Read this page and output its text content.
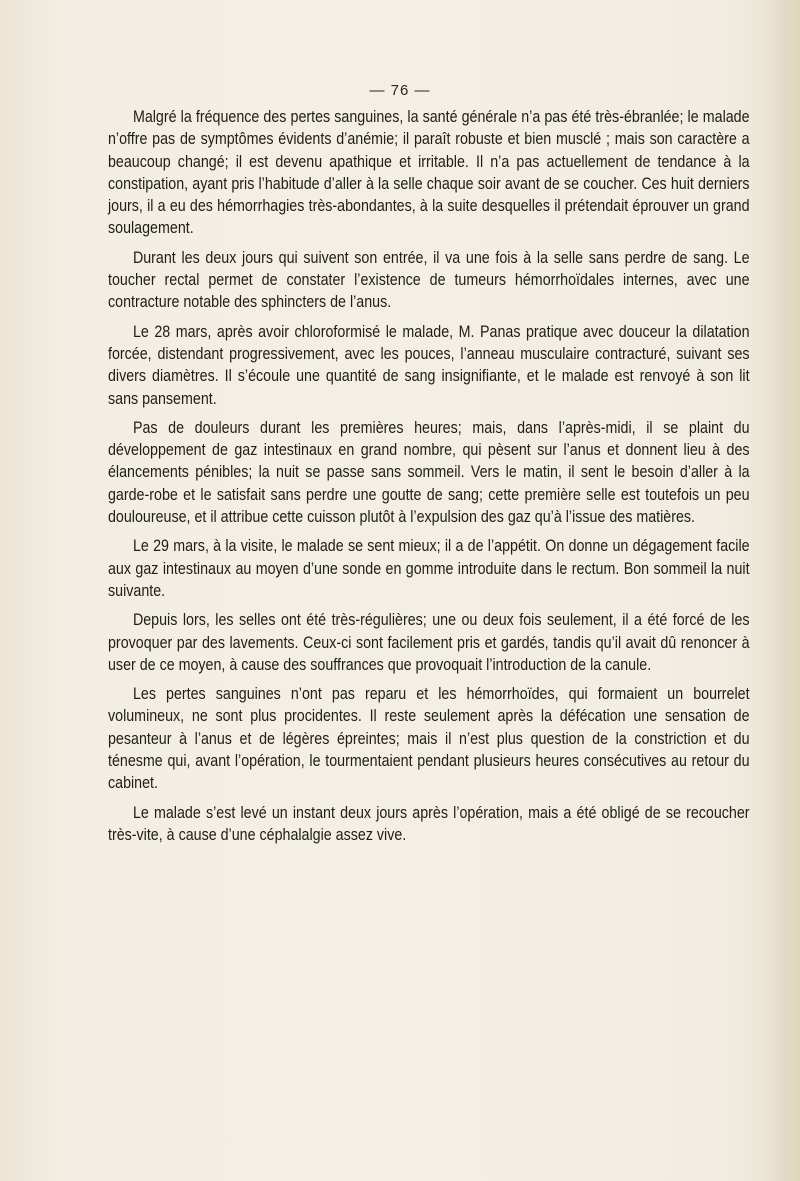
— 76 —

Malgré la fréquence des pertes sanguines, la santé générale n’a pas été très-ébranlée; le malade n’offre pas de symptômes évidents d’anémie; il paraît robuste et bien musclé ; mais son caractère a beaucoup changé; il est devenu apathique et irritable. Il n’a pas actuellement de tendance à la constipation, ayant pris l’habitude d’aller à la selle chaque soir avant de se coucher. Ces huit derniers jours, il a eu des hémorrhagies très-abondantes, à la suite desquelles il prétendait éprouver un grand soulagement.

Durant les deux jours qui suivent son entrée, il va une fois à la selle sans perdre de sang. Le toucher rectal permet de constater l’existence de tumeurs hémorrhoïdales internes, avec une contracture notable des sphincters de l’anus.

Le 28 mars, après avoir chloroformisé le malade, M. Panas pratique avec douceur la dilatation forcée, distendant progressivement, avec les pouces, l’anneau musculaire contracturé, suivant ses divers diamètres. Il s’écoule une quantité de sang insignifiante, et le malade est renvoyé à son lit sans pansement.

Pas de douleurs durant les premières heures; mais, dans l’après-midi, il se plaint du développement de gaz intestinaux en grand nombre, qui pèsent sur l’anus et donnent lieu à des élancements pénibles; la nuit se passe sans sommeil. Vers le matin, il sent le besoin d’aller à la garde-robe et le satisfait sans perdre une goutte de sang; cette première selle est toutefois un peu douloureuse, et il attribue cette cuisson plutôt à l’expulsion des gaz qu’à l’issue des matières.

Le 29 mars, à la visite, le malade se sent mieux; il a de l’appétit. On donne un dégagement facile aux gaz intestinaux au moyen d’une sonde en gomme introduite dans le rectum. Bon sommeil la nuit suivante.

Depuis lors, les selles ont été très-régulières; une ou deux fois seulement, il a été forcé de les provoquer par des lavements. Ceux-ci sont facilement pris et gardés, tandis qu’il avait dû renoncer à user de ce moyen, à cause des souffrances que provoquait l’introduction de la canule.

Les pertes sanguines n’ont pas reparu et les hémorrhoïdes, qui formaient un bourrelet volumineux, ne sont plus procidentes. Il reste seulement après la défécation une sensation de pesanteur à l’anus et de légères épreintes; mais il n’est plus question de la constriction et du ténesme qui, avant l’opération, le tourmentaient pendant plusieurs heures consécutives au retour du cabinet.

Le malade s’est levé un instant deux jours après l’opération, mais a été obligé de se recoucher très-vite, à cause d’une céphalalgie assez vive.
